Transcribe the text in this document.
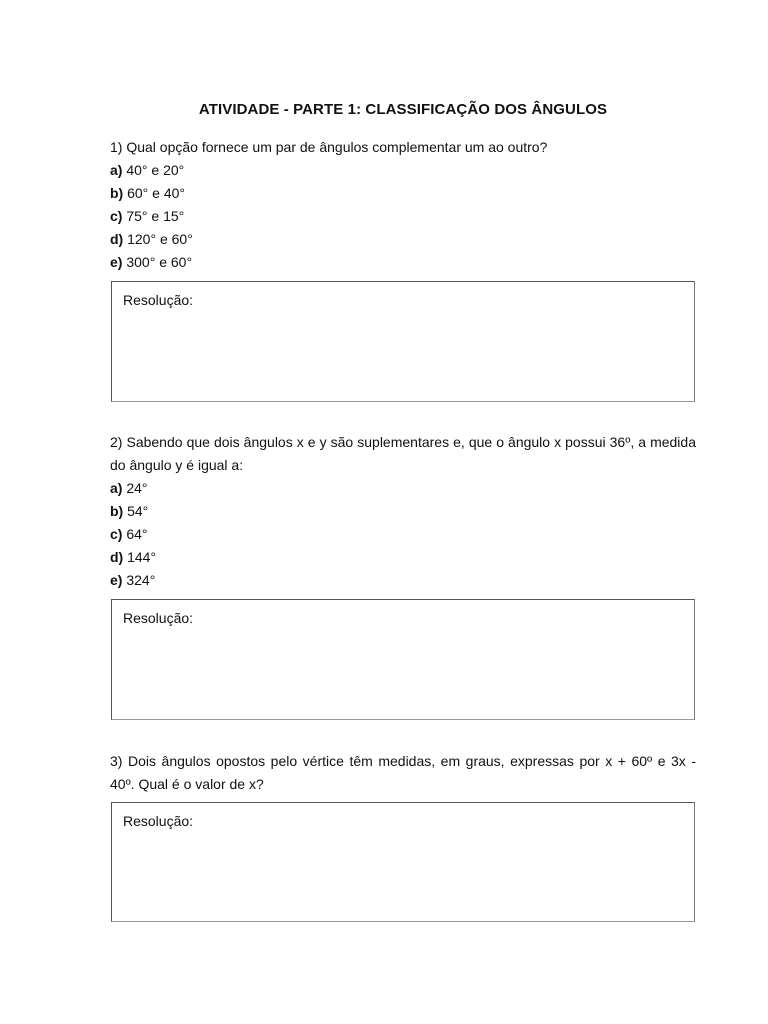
ATIVIDADE - PARTE 1: CLASSIFICAÇÃO DOS ÂNGULOS

1) Qual opção fornece um par de ângulos complementar um ao outro?

a) 40° e 20°
b) 60° e 40°
c) 75° e 15°
d) 120° e 60°
e) 300° e 60°
Resolução:

2) Sabendo que dois ângulos x e y são suplementares e, que o ângulo x possui 36º, a medida do ângulo y é igual a:

a) 24°
b) 54°
c) 64°
d) 144°
e) 324°
Resolução:

3) Dois ângulos opostos pelo vértice têm medidas, em graus, expressas por x + 60º e 3x - 40º. Qual é o valor de x?

Resolução:
